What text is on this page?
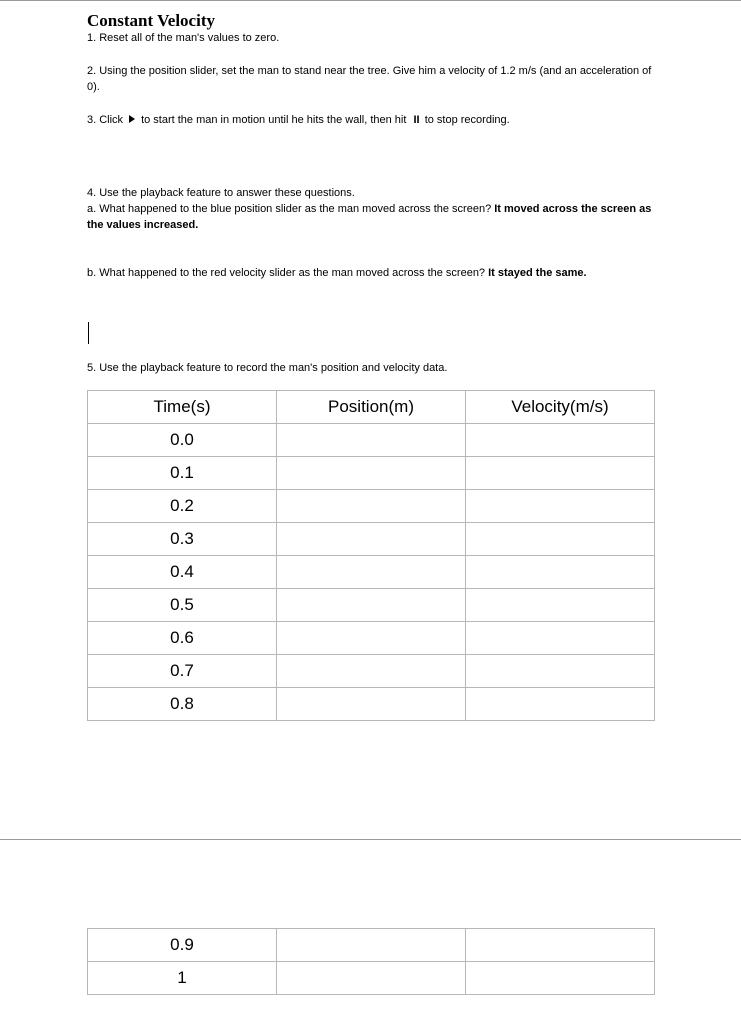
Constant Velocity
1. Reset all of the man's values to zero.
2. Using the position slider, set the man to stand near the tree. Give him a velocity of 1.2 m/s (and an acceleration of 0).
3. Click to start the man in motion until he hits the wall, then hit II to stop recording.
4. Use the playback feature to answer these questions.
a. What happened to the blue position slider as the man moved across the screen? It moved across the screen as the values increased.
b. What happened to the red velocity slider as the man moved across the screen? It stayed the same.
5. Use the playback feature to record the man's position and velocity data.
Time(s)	Position(m)	Velocity(m/s)
0.0		
0.1		
0.2		
0.3		
0.4		
0.5		
0.6		
0.7		
0.8		
0.9		
1		
